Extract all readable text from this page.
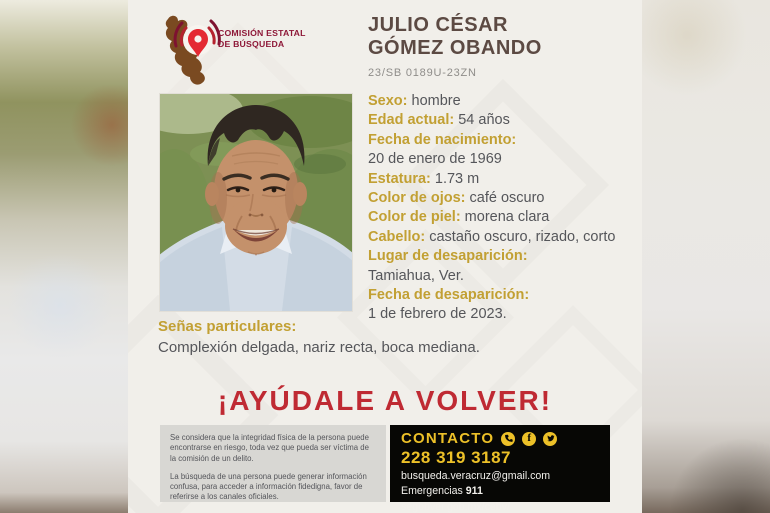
COMISIÓN ESTATAL
DE BÚSQUEDA
JULIO CÉSAR
GÓMEZ OBANDO
23/SB 0189U-23ZN
Sexo: hombre
Edad actual: 54 años
Fecha de nacimiento:
20 de enero de 1969
Estatura: 1.73 m
Color de ojos: café oscuro
Color de piel: morena clara
Cabello: castaño oscuro, rizado, corto
Lugar de desaparición:
Tamiahua, Ver.
Fecha de desaparición:
1 de febrero de 2023.
Señas particulares:
Complexión delgada, nariz recta, boca mediana.
¡AYÚDALE A VOLVER!

Se considera que la integridad física de la persona puede encontrarse en riesgo, toda vez que pueda ser víctima de la comisión de un delito.

La búsqueda de una persona puede generar información confusa, para acceder a información fidedigna, favor de referirse a los canales oficiales.

CONTACTO	f
228 319 3187
busqueda.veracruz@gmail.com
Emergencias 911
segobver.gob.mx/cebv/
